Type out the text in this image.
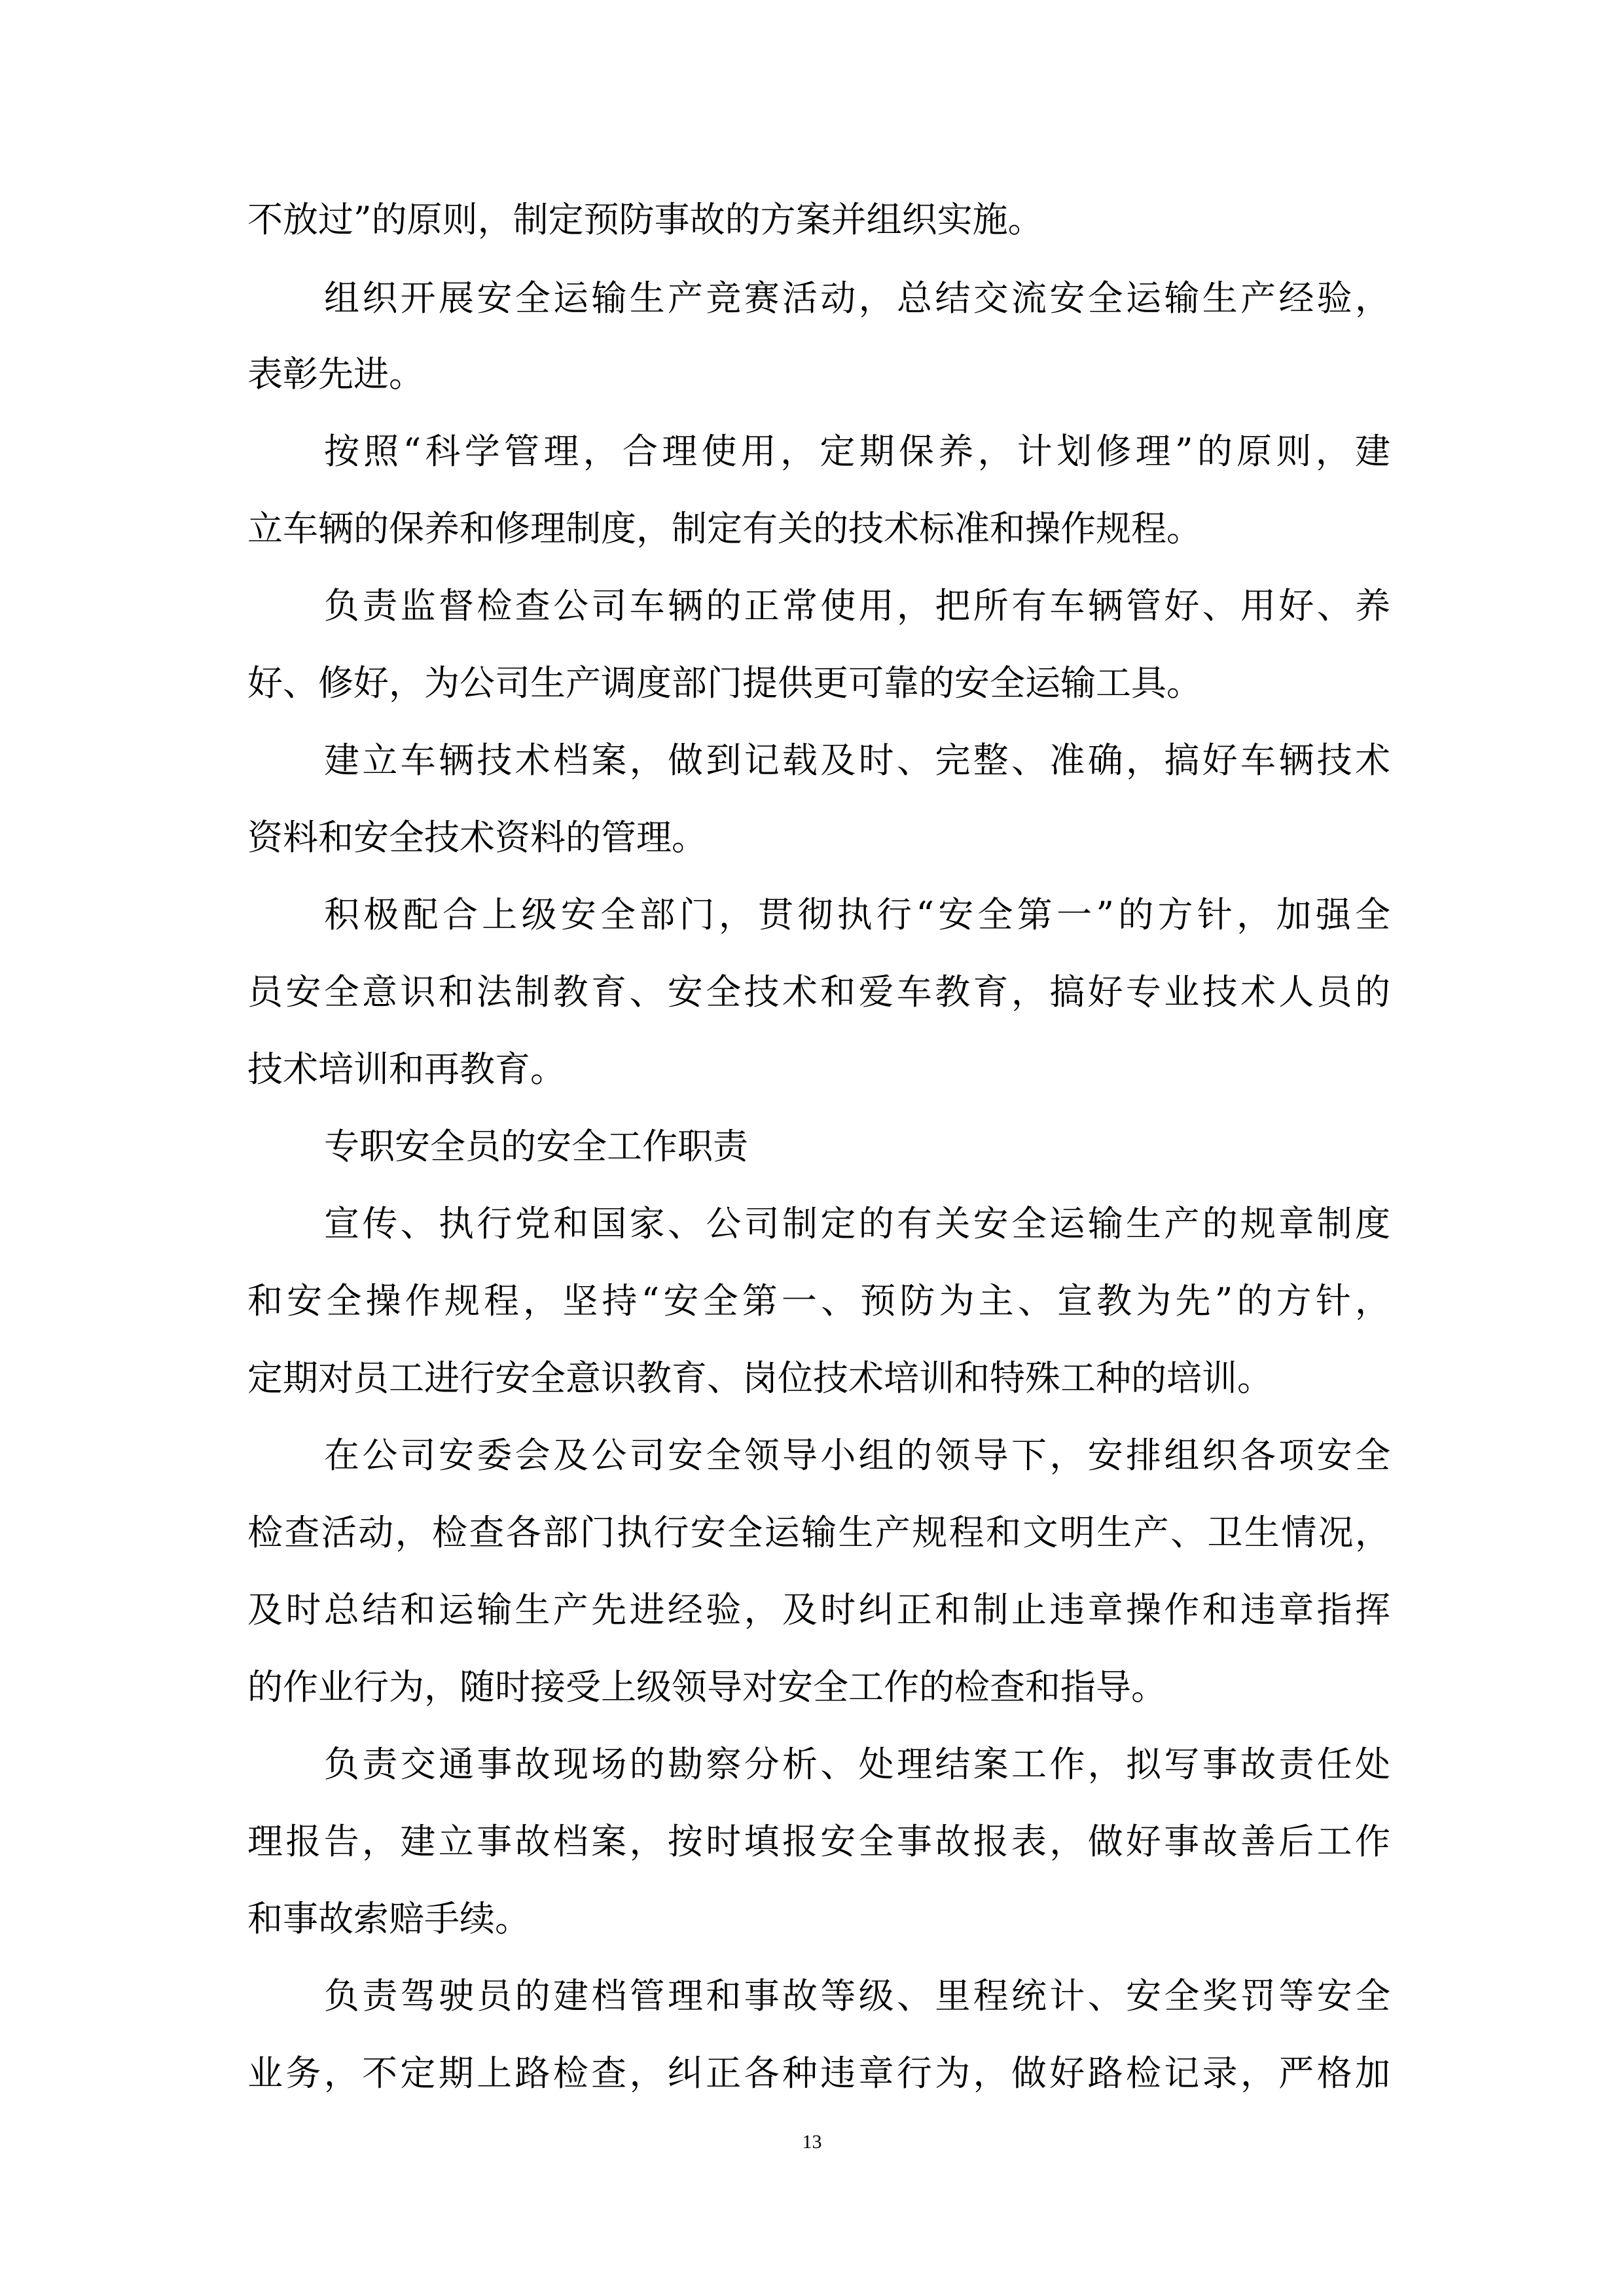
不放过”的原则，制定预防事故的方案并组织实施。
组织开展安全运输生产竞赛活动，总结交流安全运输生产经验，
表彰先进。
按照“科学管理，合理使用，定期保养，计划修理”的原则，建
立车辆的保养和修理制度，制定有关的技术标准和操作规程。
负责监督检查公司车辆的正常使用，把所有车辆管好、用好、养
好、修好，为公司生产调度部门提供更可靠的安全运输工具。
建立车辆技术档案，做到记载及时、完整、准确，搞好车辆技术
资料和安全技术资料的管理。
积极配合上级安全部门，贯彻执行“安全第一”的方针，加强全
员安全意识和法制教育、安全技术和爱车教育，搞好专业技术人员的
技术培训和再教育。
专职安全员的安全工作职责
宣传、执行党和国家、公司制定的有关安全运输生产的规章制度
和安全操作规程，坚持“安全第一、预防为主、宣教为先”的方针，
定期对员工进行安全意识教育、岗位技术培训和特殊工种的培训。
在公司安委会及公司安全领导小组的领导下，安排组织各项安全
检查活动，检查各部门执行安全运输生产规程和文明生产、卫生情况，
及时总结和运输生产先进经验，及时纠正和制止违章操作和违章指挥
的作业行为，随时接受上级领导对安全工作的检查和指导。
负责交通事故现场的勘察分析、处理结案工作，拟写事故责任处
理报告，建立事故档案，按时填报安全事故报表，做好事故善后工作
和事故索赔手续。
负责驾驶员的建档管理和事故等级、里程统计、安全奖罚等安全
业务，不定期上路检查，纠正各种违章行为，做好路检记录，严格加
13
